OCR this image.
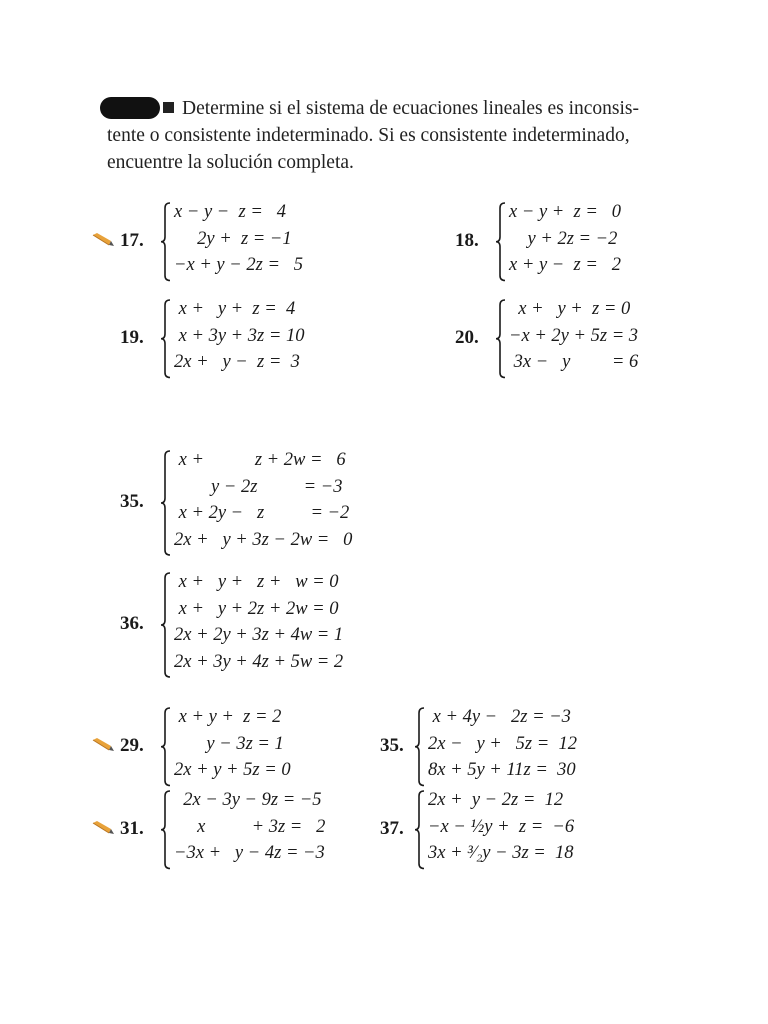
Determine si el sistema de ecuaciones lineales es inconsis-
tente o consistente indeterminado. Si es consistente indeterminado,
encuentre la solución completa.
17.
x − y −  z =   4
2y +  z = −1
−x + y − 2z =   5
18.
x − y +  z =   0
y + 2z = −2
x + y −  z =   2
19.
x +   y +  z =  4
x + 3y + 3z = 10
2x +   y −  z =  3
20.
x +   y +  z = 0
−x + 2y + 5z = 3
3x −   y         = 6
35.
x +           z + 2w =   6
y − 2z          = −3
x + 2y −   z          = −2
2x +   y + 3z − 2w =   0
36.
x +   y +   z +   w = 0
x +   y + 2z + 2w = 0
2x + 2y + 3z + 4w = 1
2x + 3y + 4z + 5w = 2
29.
x + y +  z = 2
y − 3z = 1
2x + y + 5z = 0
35.
x + 4y −   2z = −3
2x −   y +   5z =  12
8x + 5y + 11z =  30
31.
2x − 3y − 9z = −5
x          + 3z =   2
−3x +   y − 4z = −3
37.
2x +  y − 2z =  12
−x − ½y +  z =  −6
3x + ³⁄₂y − 3z =  18
